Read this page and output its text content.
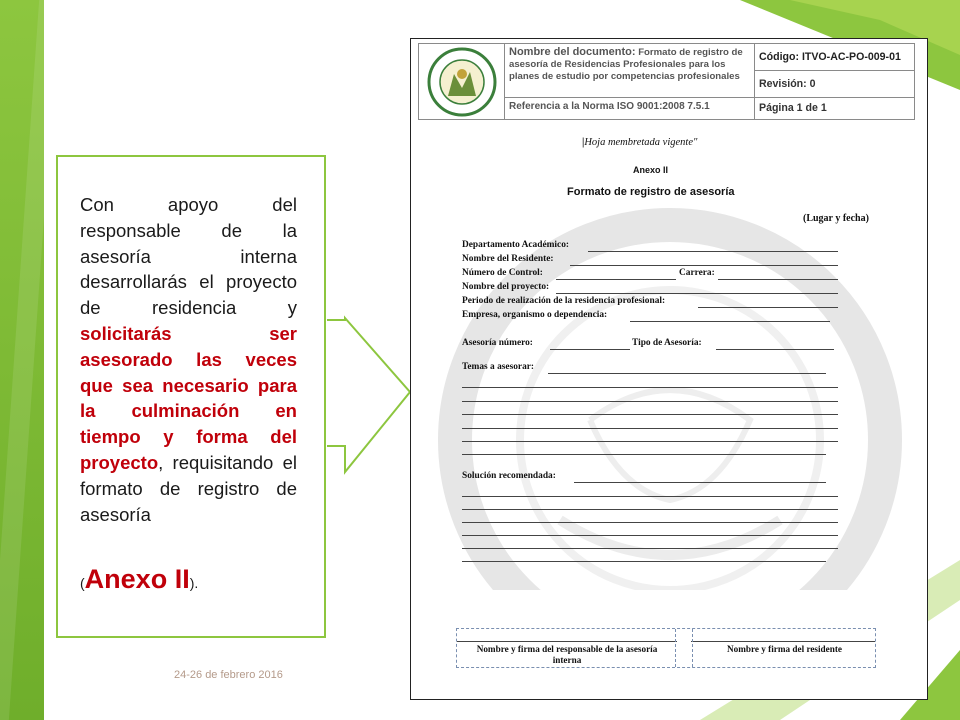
Con apoyo del responsable de la asesoría interna desarrollarás el proyecto de residencia y solicitarás ser asesorado las veces que sea necesario para la culminación en tiempo y forma del proyecto, requisitando el formato de registro de asesoría
(Anexo II).
24-26 de febrero 2016
Nombre del documento: Formato de registro de asesoría de Residencias Profesionales para los planes de estudio por competencias profesionales
Referencia a la Norma ISO 9001:2008 7.5.1
Código: ITVO-AC-PO-009-01
Revisión: 0
Página 1 de 1
|Hoja membretada vigente"
Anexo II
Formato de registro de asesoría
(Lugar y fecha)
Departamento Académico:
Nombre del Residente:
Número de Control:	Carrera:
Nombre del proyecto:
Periodo de realización de la residencia profesional:
Empresa, organismo o dependencia:
Asesoría número:	Tipo de Asesoría:
Temas a asesorar:
Solución recomendada:
Nombre y firma del responsable de la asesoría interna
Nombre y firma del residente
